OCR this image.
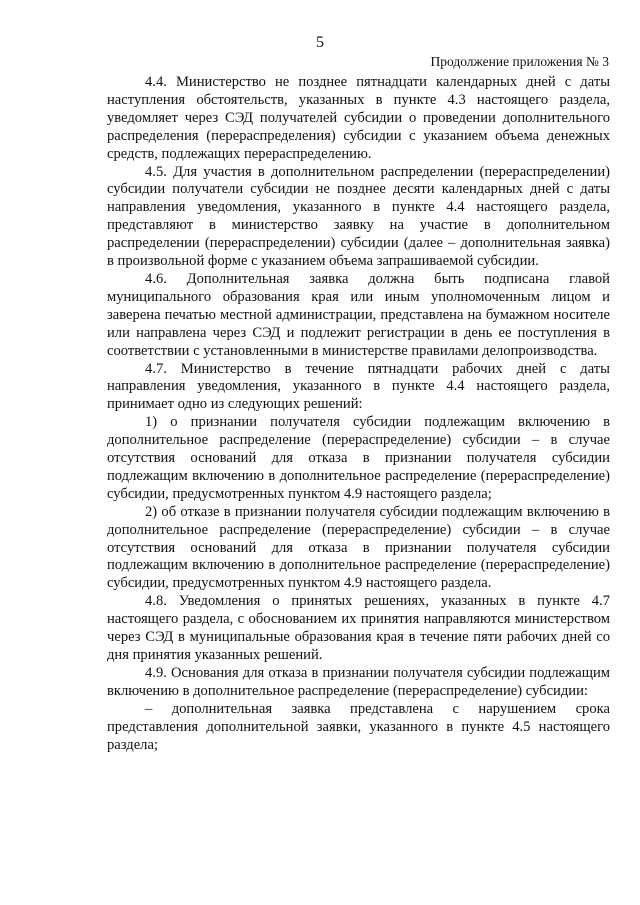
5
Продолжение приложения № 3

4.4. Министерство не позднее пятнадцати календарных дней с даты наступления обстоятельств, указанных в пункте 4.3 настоящего раздела, уведомляет через СЭД получателей субсидии о проведении дополнительного распределения (перераспределения) субсидии с указанием объема денежных средств, подлежащих перераспределению.

4.5. Для участия в дополнительном распределении (перераспределении) субсидии получатели субсидии не позднее десяти календарных дней с даты направления уведомления, указанного в пункте 4.4 настоящего раздела, представляют в министерство заявку на участие в дополнительном распределении (перераспределении) субсидии (далее – дополнительная заявка) в произвольной форме с указанием объема запрашиваемой субсидии.

4.6. Дополнительная заявка должна быть подписана главой муниципального образования края или иным уполномоченным лицом и заверена печатью местной администрации, представлена на бумажном носителе или направлена через СЭД и подлежит регистрации в день ее поступления в соответствии с установленными в министерстве правилами делопроизводства.

4.7. Министерство в течение пятнадцати рабочих дней с даты направления уведомления, указанного в пункте 4.4 настоящего раздела, принимает одно из следующих решений:

1) о признании получателя субсидии подлежащим включению в дополнительное распределение (перераспределение) субсидии – в случае отсутствия оснований для отказа в признании получателя субсидии подлежащим включению в дополнительное распределение (перераспределение) субсидии, предусмотренных пунктом 4.9 настоящего раздела;

2) об отказе в признании получателя субсидии подлежащим включению в дополнительное распределение (перераспределение) субсидии – в случае отсутствия оснований для отказа в признании получателя субсидии подлежащим включению в дополнительное распределение (перераспределение) субсидии, предусмотренных пунктом 4.9 настоящего раздела.

4.8. Уведомления о принятых решениях, указанных в пункте 4.7 настоящего раздела, с обоснованием их принятия направляются министерством через СЭД в муниципальные образования края в течение пяти рабочих дней со дня принятия указанных решений.

4.9. Основания для отказа в признании получателя субсидии подлежащим включению в дополнительное распределение (перераспределение) субсидии:

– дополнительная заявка представлена с нарушением срока представления дополнительной заявки, указанного в пункте 4.5 настоящего раздела;
